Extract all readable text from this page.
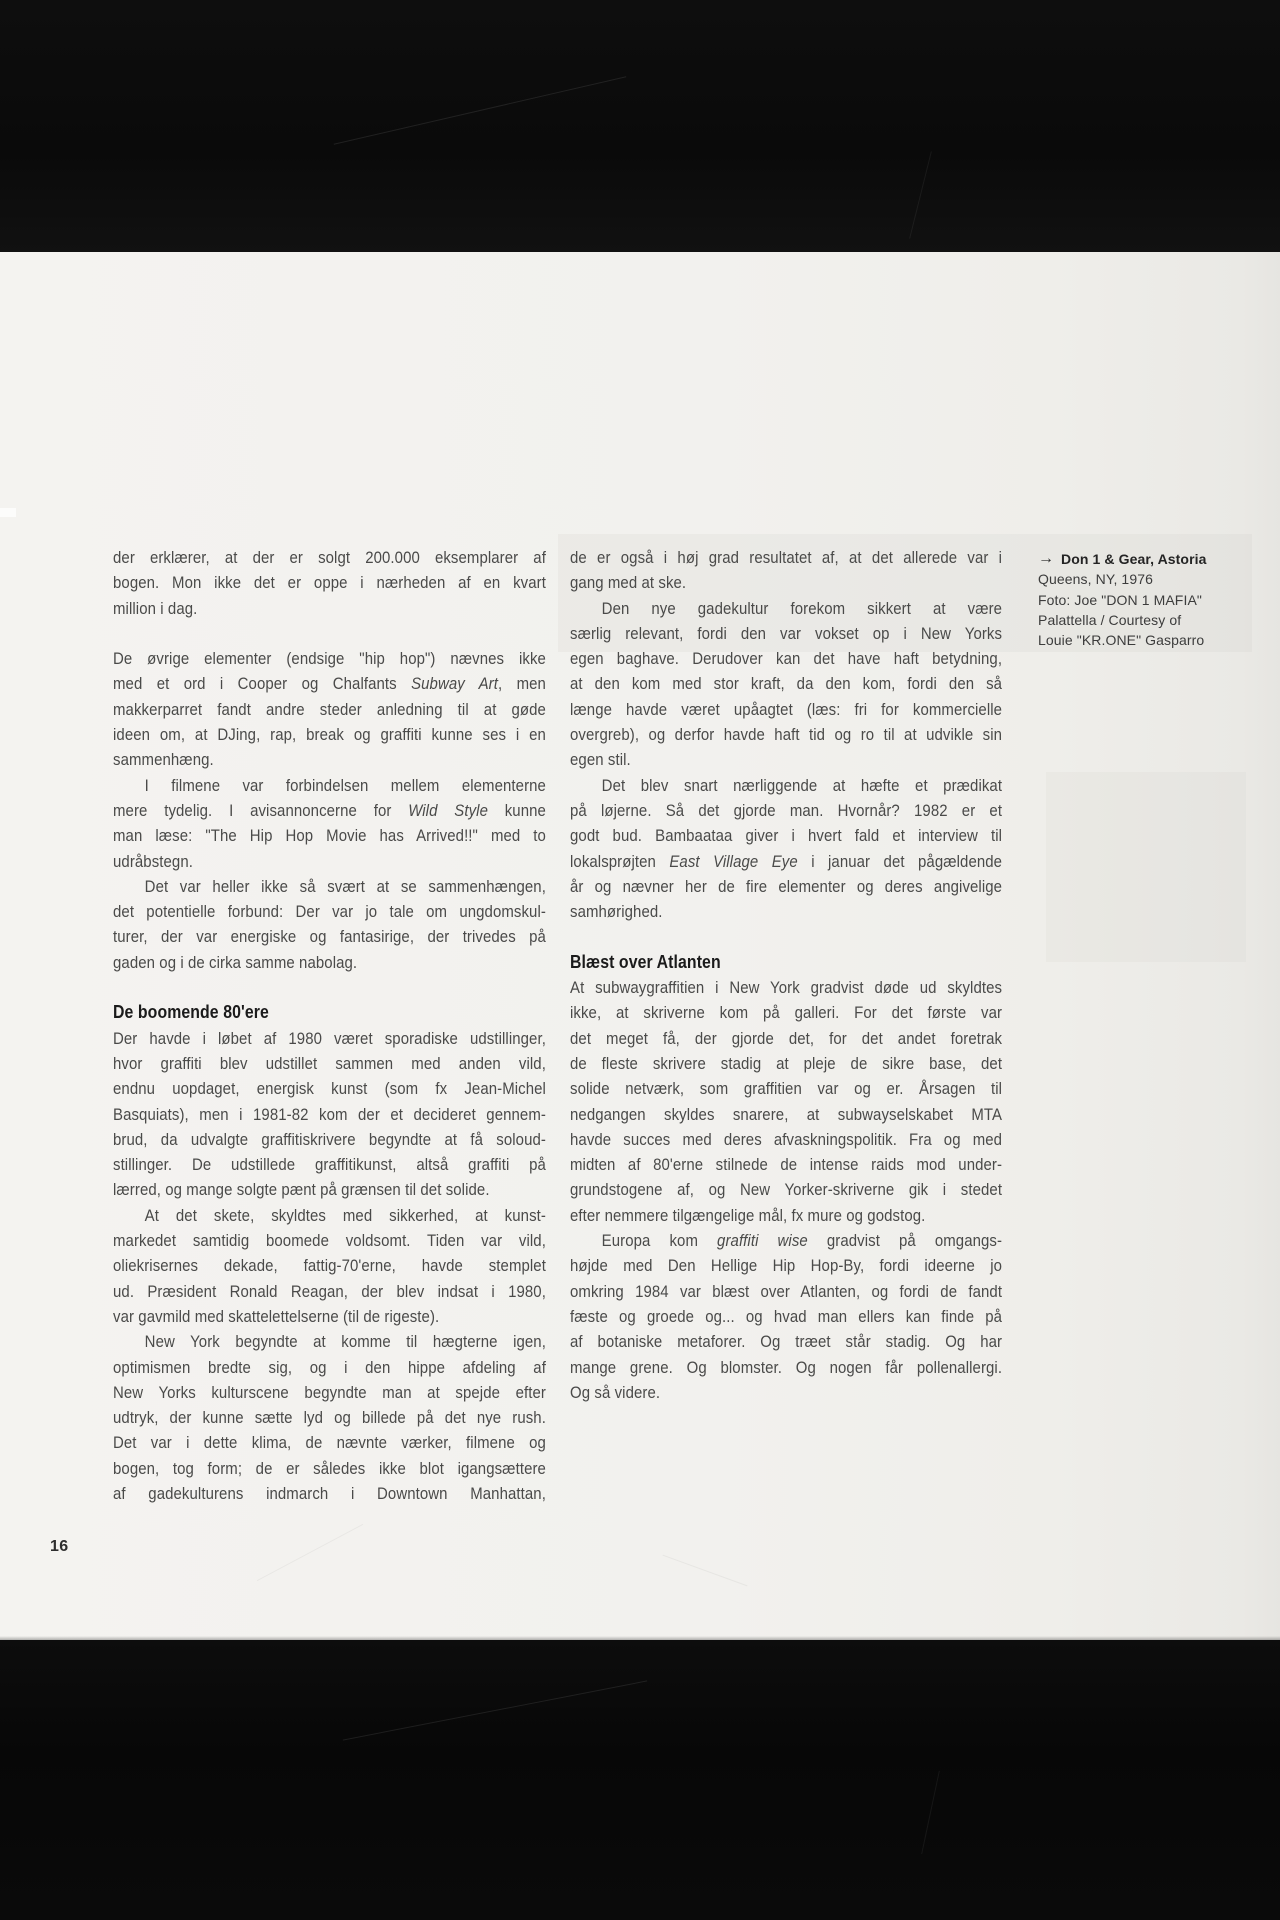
der erklærer, at der er solgt 200.000 eksemplarer af
bogen. Mon ikke det er oppe i nærheden af en kvart
million i dag.
De øvrige elementer (endsige "hip hop") nævnes ikke
med et ord i Cooper og Chalfants Subway Art, men
makkerparret fandt andre steder anledning til at gøde
ideen om, at DJing, rap, break og graffiti kunne ses i en
sammenhæng.
I filmene var forbindelsen mellem elementerne
mere tydelig. I avisannoncerne for Wild Style kunne
man læse: "The Hip Hop Movie has Arrived!!" med to
udråbstegn.
Det var heller ikke så svært at se sammenhængen,
det potentielle forbund: Der var jo tale om ungdomskul-
turer, der var energiske og fantasirige, der trivedes på
gaden og i de cirka samme nabolag.
De boomende 80'ere
Der havde i løbet af 1980 været sporadiske udstillinger,
hvor graffiti blev udstillet sammen med anden vild,
endnu uopdaget, energisk kunst (som fx Jean-Michel
Basquiats), men i 1981-82 kom der et decideret gennem-
brud, da udvalgte graffitiskrivere begyndte at få soloud-
stillinger. De udstillede graffitikunst, altså graffiti på
lærred, og mange solgte pænt på grænsen til det solide.
At det skete, skyldtes med sikkerhed, at kunst-
markedet samtidig boomede voldsomt. Tiden var vild,
oliekrisernes dekade, fattig-70'erne, havde stemplet
ud. Præsident Ronald Reagan, der blev indsat i 1980,
var gavmild med skattelettelserne (til de rigeste).
New York begyndte at komme til hægterne igen,
optimismen bredte sig, og i den hippe afdeling af
New Yorks kulturscene begyndte man at spejde efter
udtryk, der kunne sætte lyd og billede på det nye rush.
Det var i dette klima, de nævnte værker, filmene og
bogen, tog form; de er således ikke blot igangsættere
af gadekulturens indmarch i Downtown Manhattan,
de er også i høj grad resultatet af, at det allerede var i
gang med at ske.
Den nye gadekultur forekom sikkert at være
særlig relevant, fordi den var vokset op i New Yorks
egen baghave. Derudover kan det have haft betydning,
at den kom med stor kraft, da den kom, fordi den så
længe havde været upåagtet (læs: fri for kommercielle
overgreb), og derfor havde haft tid og ro til at udvikle sin
egen stil.
Det blev snart nærliggende at hæfte et prædikat
på løjerne. Så det gjorde man. Hvornår? 1982 er et
godt bud. Bambaataa giver i hvert fald et interview til
lokalsprøjten East Village Eye i januar det pågældende
år og nævner her de fire elementer og deres angivelige
samhørighed.
Blæst over Atlanten
At subwaygraffitien i New York gradvist døde ud skyldtes
ikke, at skriverne kom på galleri. For det første var
det meget få, der gjorde det, for det andet foretrak
de fleste skrivere stadig at pleje de sikre base, det
solide netværk, som graffitien var og er. Årsagen til
nedgangen skyldes snarere, at subwayselskabet MTA
havde succes med deres afvaskningspolitik. Fra og med
midten af 80'erne stilnede de intense raids mod under-
grundstogene af, og New Yorker-skriverne gik i stedet
efter nemmere tilgængelige mål, fx mure og godstog.
Europa kom graffiti wise gradvist på omgangs-
højde med Den Hellige Hip Hop-By, fordi ideerne jo
omkring 1984 var blæst over Atlanten, og fordi de fandt
fæste og groede og... og hvad man ellers kan finde på
af botaniske metaforer. Og træet står stadig. Og har
mange grene. Og blomster. Og nogen får pollenallergi.
Og så videre.
→ Don 1 & Gear, Astoria
Queens, NY, 1976
Foto: Joe "DON 1 MAFIA"
Palattella / Courtesy of
Louie "KR.ONE" Gasparro
16
